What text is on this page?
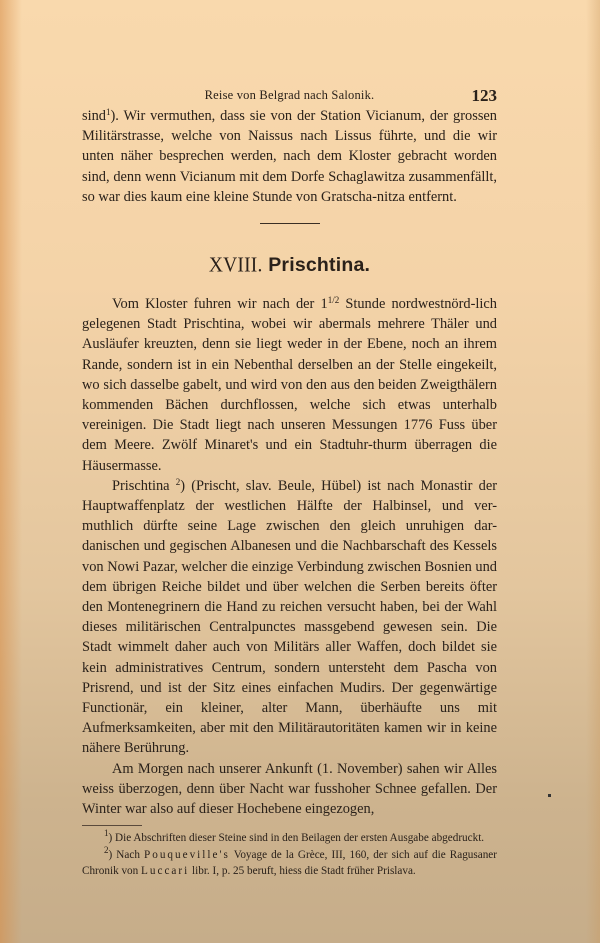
Reise von Belgrad nach Salonik.	123

sind$^1$). Wir vermuthen, dass sie von der Station Vicianum, der grossen Militärstrasse, welche von Naissus nach Lissus führte, und die wir unten näher besprechen werden, nach dem Kloster gebracht worden sind, denn wenn Vicianum mit dem Dorfe Schaglawitza zusammenfällt, so war dies kaum eine kleine Stunde von Gratscha-nitza entfernt.

XVIII. Prischtina.

Vom Kloster fuhren wir nach der 1$^{1/2}$ Stunde nordwestnörd-lich gelegenen Stadt Prischtina, wobei wir abermals mehrere Thäler und Ausläufer kreuzten, denn sie liegt weder in der Ebene, noch an ihrem Rande, sondern ist in ein Nebenthal derselben an der Stelle eingekeilt, wo sich dasselbe gabelt, und wird von den aus den beiden Zweigthälern kommenden Bächen durchflossen, welche sich etwas unterhalb vereinigen. Die Stadt liegt nach unseren Messungen 1776 Fuss über dem Meere. Zwölf Minaret's und ein Stadtuhr-thurm überragen die Häusermasse.

Prischtina $^2$) (Prischt, slav. Beule, Hübel) ist nach Monastir der Hauptwaffenplatz der westlichen Hälfte der Halbinsel, und ver-muthlich dürfte seine Lage zwischen den gleich unruhigen dar-danischen und gegischen Albanesen und die Nachbarschaft des Kessels von Nowi Pazar, welcher die einzige Verbindung zwischen Bosnien und dem übrigen Reiche bildet und über welchen die Serben bereits öfter den Montenegrinern die Hand zu reichen versucht haben, bei der Wahl dieses militärischen Centralpunctes massgebend gewesen sein. Die Stadt wimmelt daher auch von Militärs aller Waffen, doch bildet sie kein administratives Centrum, sondern untersteht dem Pascha von Prisrend, und ist der Sitz eines einfachen Mudirs. Der gegenwärtige Functionär, ein kleiner, alter Mann, überhäufte uns mit Aufmerksamkeiten, aber mit den Militärautoritäten kamen wir in keine nähere Berührung.

Am Morgen nach unserer Ankunft (1. November) sahen wir Alles weiss überzogen, denn über Nacht war fusshoher Schnee gefallen. Der Winter war also auf dieser Hochebene eingezogen,

$^1$) Die Abschriften dieser Steine sind in den Beilagen der ersten Ausgabe abgedruckt.

$^2$) Nach Pouqueville's Voyage de la Grèce, III, 160, der sich auf die Ragusaner Chronik von Luccari libr. I, p. 25 beruft, hiess die Stadt früher Prislava.
